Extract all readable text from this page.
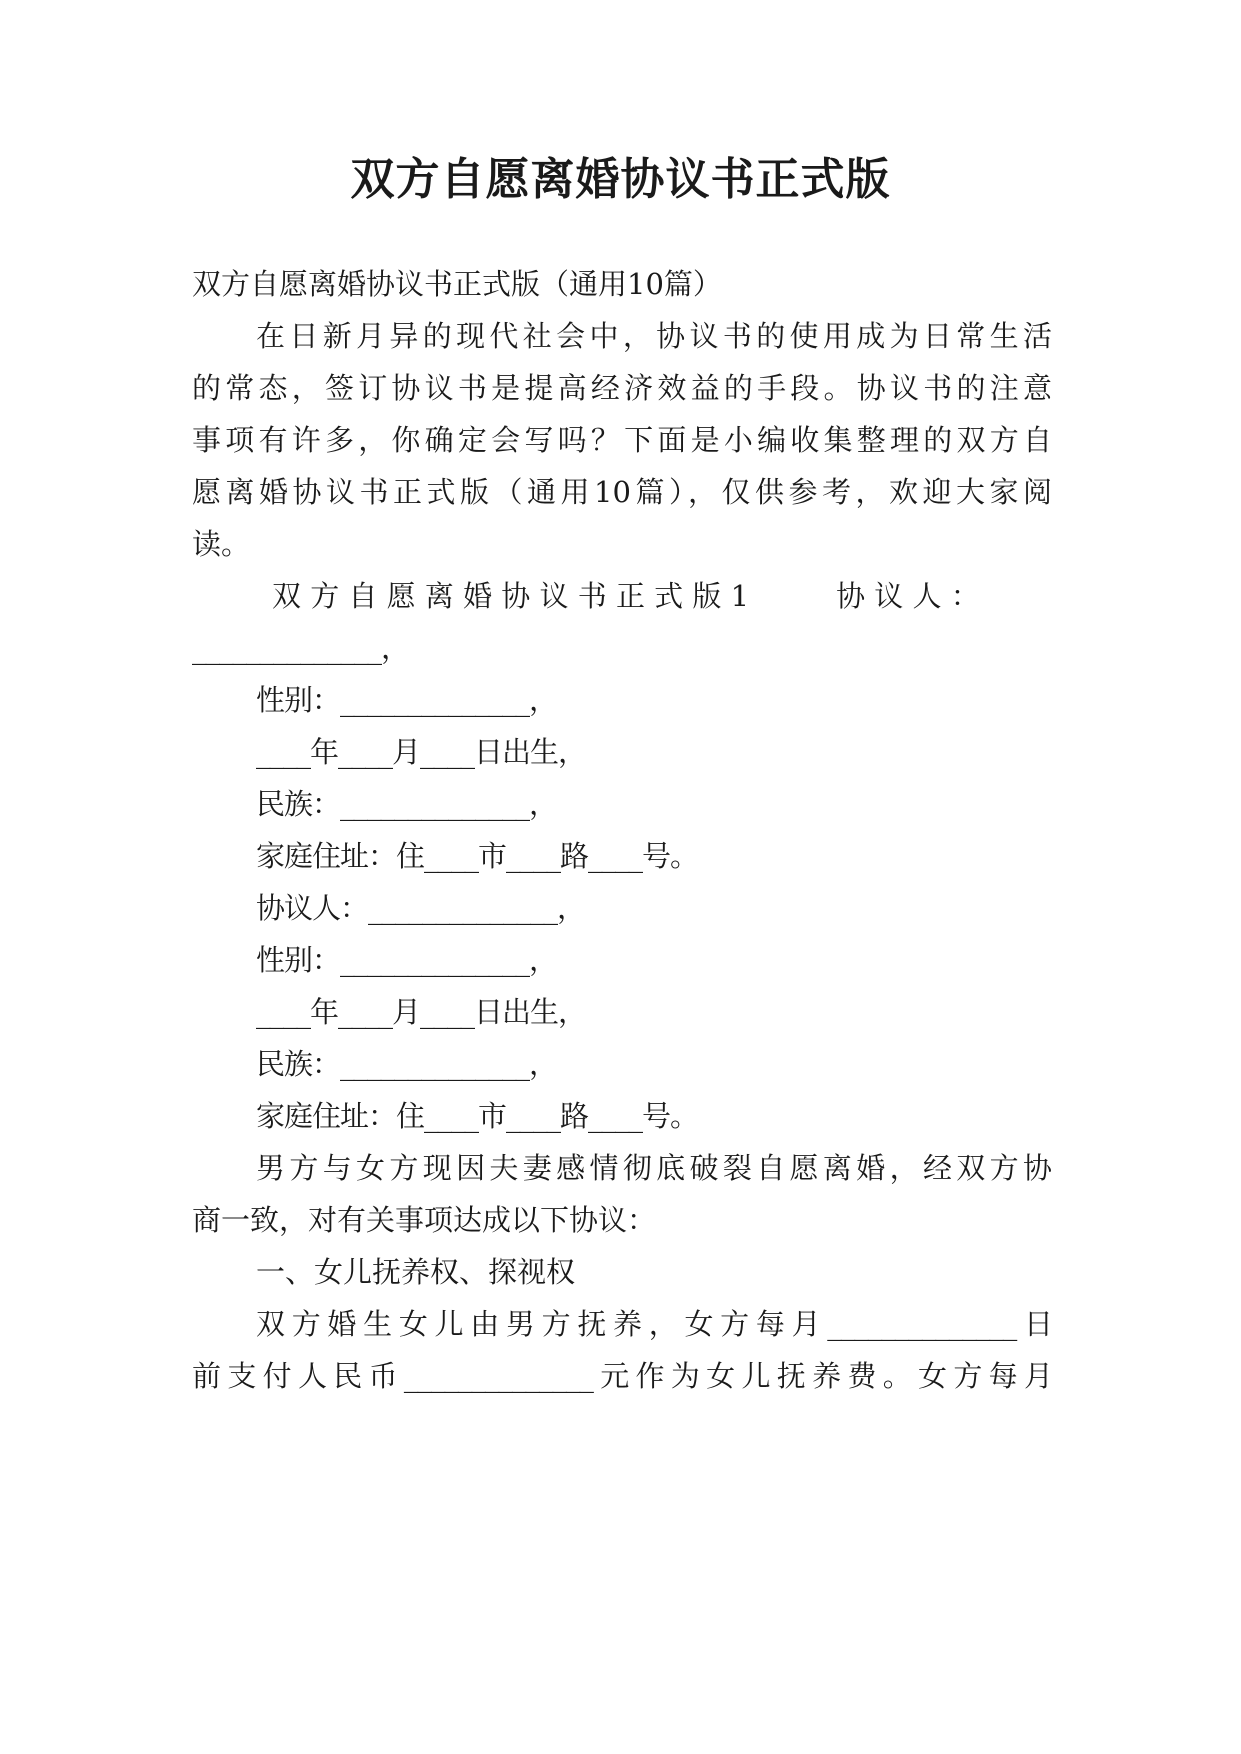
双方自愿离婚协议书正式版
双方自愿离婚协议书正式版（通用10篇）
在日新月异的现代社会中，协议书的使用成为日常生活
的常态，签订协议书是提高经济效益的手段。协议书的注意
事项有许多，你确定会写吗？下面是小编收集整理的双方自
愿离婚协议书正式版（通用10篇），仅供参考，欢迎大家阅
读。
双 方 自 愿 离 婚 协 议 书 正 式 版 1　　　协 议 人 ：
______________，
性别：______________，
____年____月____日出生，
民族：______________，
家庭住址：住____市____路____号。
协议人：______________，
性别：______________，
____年____月____日出生，
民族：______________，
家庭住址：住____市____路____号。
男方与女方现因夫妻感情彻底破裂自愿离婚，经双方协
商一致，对有关事项达成以下协议：
一、女儿抚养权、探视权
双方婚生女儿由男方抚养，女方每月______________日
前支付人民币______________元作为女儿抚养费。女方每月
